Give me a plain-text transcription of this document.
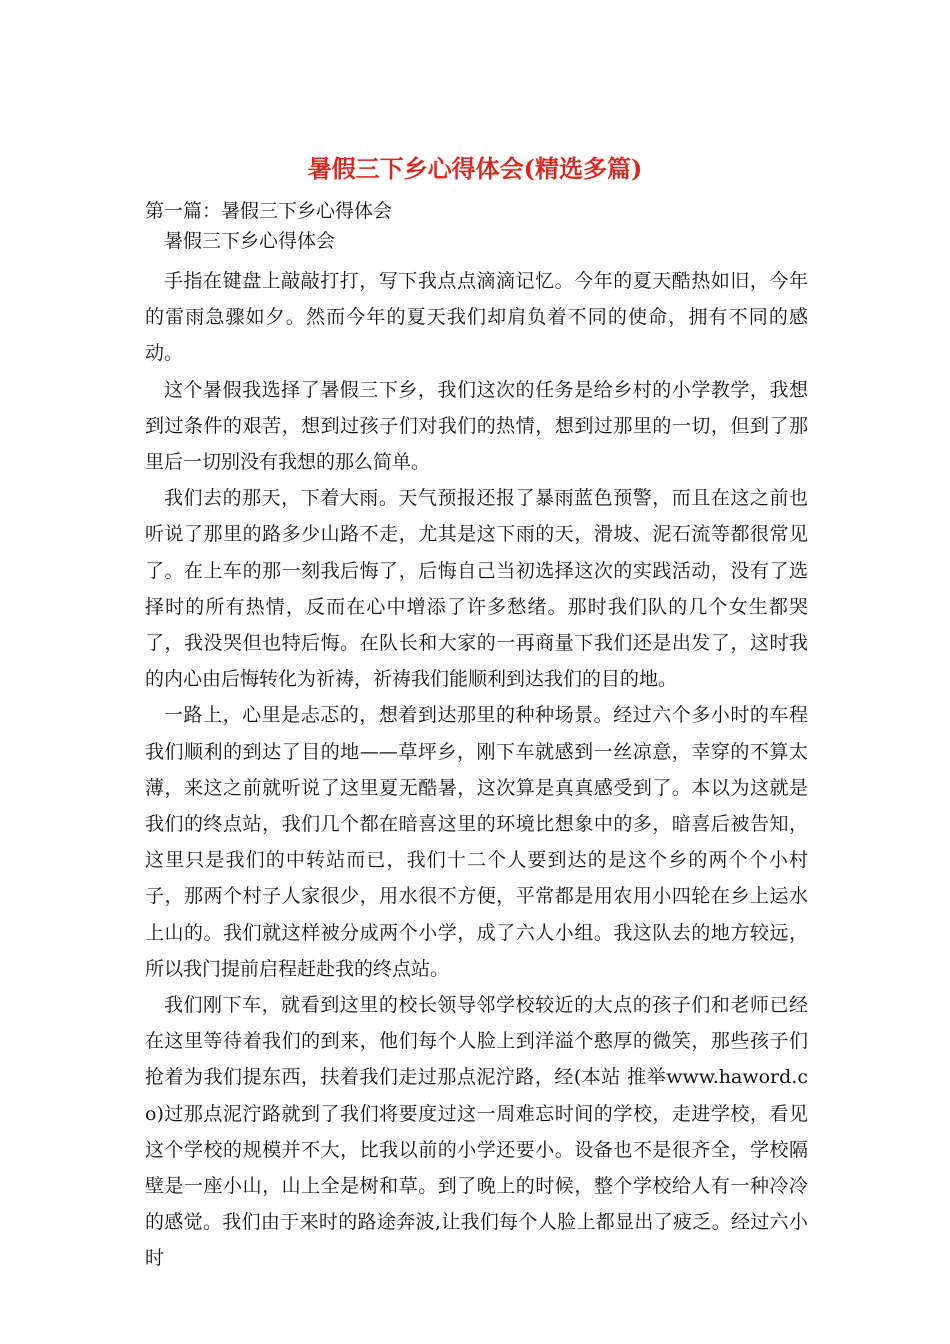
暑假三下乡心得体会(精选多篇)

第一篇：暑假三下乡心得体会

暑假三下乡心得体会

手指在键盘上敲敲打打，写下我点点滴滴记忆。今年的夏天酷热如旧，今年的雷雨急骤如夕。然而今年的夏天我们却肩负着不同的使命，拥有不同的感动。

这个暑假我选择了暑假三下乡，我们这次的任务是给乡村的小学教学，我想到过条件的艰苦，想到过孩子们对我们的热情，想到过那里的一切，但到了那里后一切别没有我想的那么简单。

我们去的那天，下着大雨。天气预报还报了暴雨蓝色预警，而且在这之前也听说了那里的路多少山路不走，尤其是这下雨的天，滑坡、泥石流等都很常见了。在上车的那一刻我后悔了，后悔自己当初选择这次的实践活动，没有了选择时的所有热情，反而在心中增添了许多愁绪。那时我们队的几个女生都哭了，我没哭但也特后悔。在队长和大家的一再商量下我们还是出发了，这时我的内心由后悔转化为祈祷，祈祷我们能顺利到达我们的目的地。

一路上，心里是忐忑的，想着到达那里的种种场景。经过六个多小时的车程我们顺利的到达了目的地——草坪乡，刚下车就感到一丝凉意，幸穿的不算太薄，来这之前就听说了这里夏无酷暑，这次算是真真感受到了。本以为这就是我们的终点站，我们几个都在暗喜这里的环境比想象中的多，暗喜后被告知，这里只是我们的中转站而已，我们十二个人要到达的是这个乡的两个个小村子，那两个村子人家很少，用水很不方便，平常都是用农用小四轮在乡上运水上山的。我们就这样被分成两个小学，成了六人小组。我这队去的地方较远，所以我门提前启程赶赴我的终点站。

我们刚下车，就看到这里的校长领导邻学校较近的大点的孩子们和老师已经在这里等待着我们的到来，他们每个人脸上到洋溢个憨厚的微笑，那些孩子们抢着为我们提东西，扶着我们走过那点泥泞路，经(本站 推举www.haword.co)过那点泥泞路就到了我们将要度过这一周难忘时间的学校，走进学校，看见这个学校的规模并不大，比我以前的小学还要小。设备也不是很齐全，学校隔壁是一座小山，山上全是树和草。到了晚上的时候，整个学校给人有一种冷冷的感觉。我们由于来时的路途奔波,让我们每个人脸上都显出了疲乏。经过六小时
